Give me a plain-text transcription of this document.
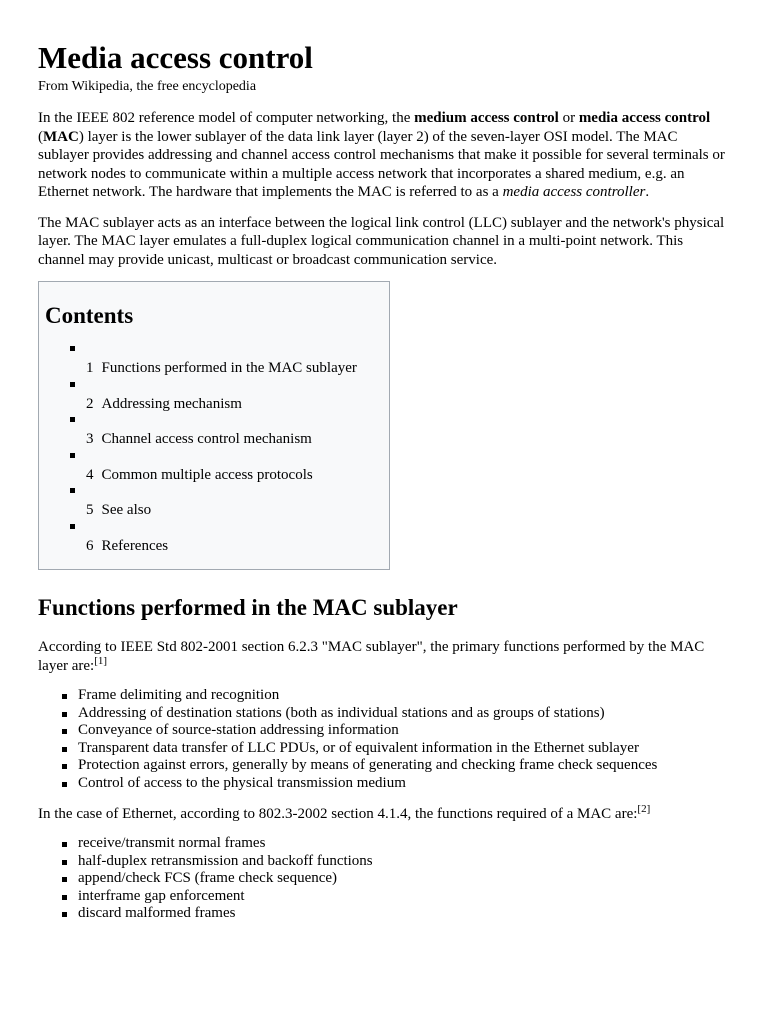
Media access control
From Wikipedia, the free encyclopedia

In the IEEE 802 reference model of computer networking, the medium access control or media access control (MAC) layer is the lower sublayer of the data link layer (layer 2) of the seven-layer OSI model. The MAC sublayer provides addressing and channel access control mechanisms that make it possible for several terminals or network nodes to communicate within a multiple access network that incorporates a shared medium, e.g. an Ethernet network. The hardware that implements the MAC is referred to as a media access controller.

The MAC sublayer acts as an interface between the logical link control (LLC) sublayer and the network's physical layer. The MAC layer emulates a full-duplex logical communication channel in a multi-point network. This channel may provide unicast, multicast or broadcast communication service.

Contents
1 Functions performed in the MAC sublayer
2 Addressing mechanism
3 Channel access control mechanism
4 Common multiple access protocols
5 See also
6 References
Functions performed in the MAC sublayer

According to IEEE Std 802-2001 section 6.2.3 "MAC sublayer", the primary functions performed by the MAC layer are:[1]

Frame delimiting and recognition
Addressing of destination stations (both as individual stations and as groups of stations)
Conveyance of source-station addressing information
Transparent data transfer of LLC PDUs, or of equivalent information in the Ethernet sublayer
Protection against errors, generally by means of generating and checking frame check sequences
Control of access to the physical transmission medium

In the case of Ethernet, according to 802.3-2002 section 4.1.4, the functions required of a MAC are:[2]

receive/transmit normal frames
half-duplex retransmission and backoff functions
append/check FCS (frame check sequence)
interframe gap enforcement
discard malformed frames
